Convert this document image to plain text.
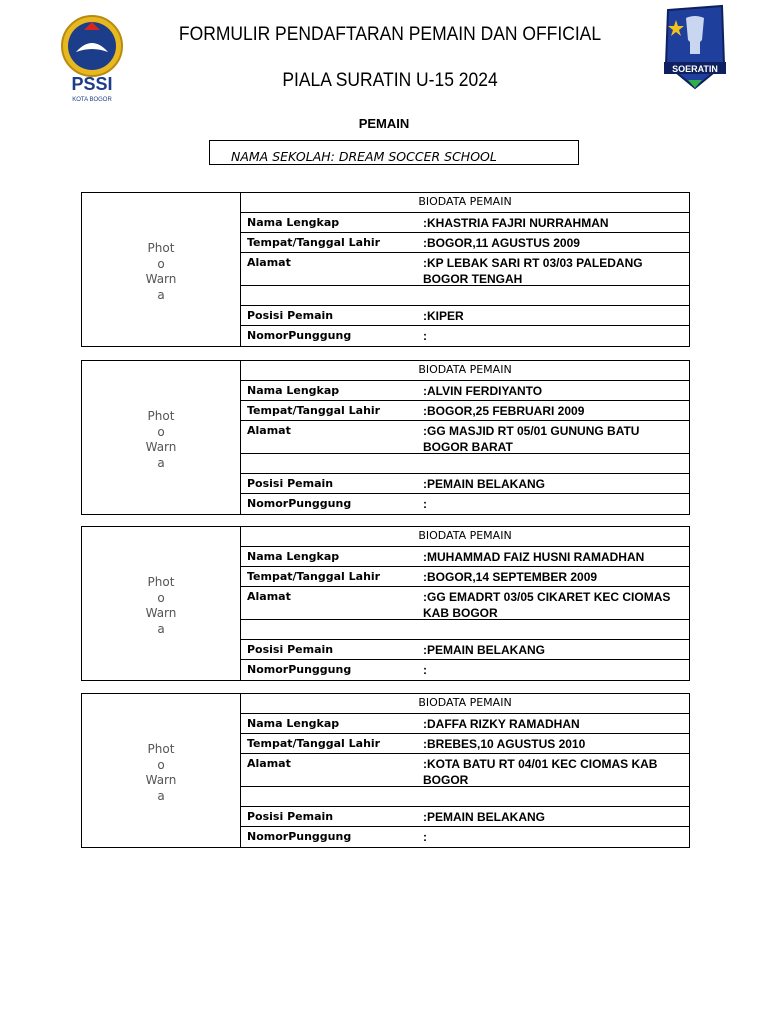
PSSI
KOTA BOGOR
SOERATIN
FORMULIR PENDAFTARAN PEMAIN DAN OFFICIAL
PIALA SURATIN U-15 2024
PEMAIN
NAMA SEKOLAH: DREAM SOCCER SCHOOL
Phot
o
Warn
a
BIODATA PEMAIN
Nama Lengkap	:KHASTRIA FAJRI NURRAHMAN
Tempat/Tanggal Lahir	:BOGOR,11 AGUSTUS 2009
Alamat	:KP LEBAK SARI RT 03/03 PALEDANG BOGOR TENGAH
Posisi Pemain	:KIPER
NomorPunggung	:
Phot
o
Warn
a
BIODATA PEMAIN
Nama Lengkap	:ALVIN FERDIYANTO
Tempat/Tanggal Lahir	:BOGOR,25 FEBRUARI 2009
Alamat	:GG MASJID RT 05/01 GUNUNG BATU BOGOR BARAT
Posisi Pemain	:PEMAIN BELAKANG
NomorPunggung	:
Phot
o
Warn
a
BIODATA PEMAIN
Nama Lengkap	:MUHAMMAD FAIZ HUSNI RAMADHAN
Tempat/Tanggal Lahir	:BOGOR,14 SEPTEMBER 2009
Alamat	:GG EMADRT 03/05 CIKARET KEC CIOMAS KAB BOGOR
Posisi Pemain	:PEMAIN BELAKANG
NomorPunggung	:
Phot
o
Warn
a
BIODATA PEMAIN
Nama Lengkap	:DAFFA RIZKY RAMADHAN
Tempat/Tanggal Lahir	:BREBES,10 AGUSTUS 2010
Alamat	:KOTA BATU RT 04/01 KEC CIOMAS KAB BOGOR
Posisi Pemain	:PEMAIN BELAKANG
NomorPunggung	:
